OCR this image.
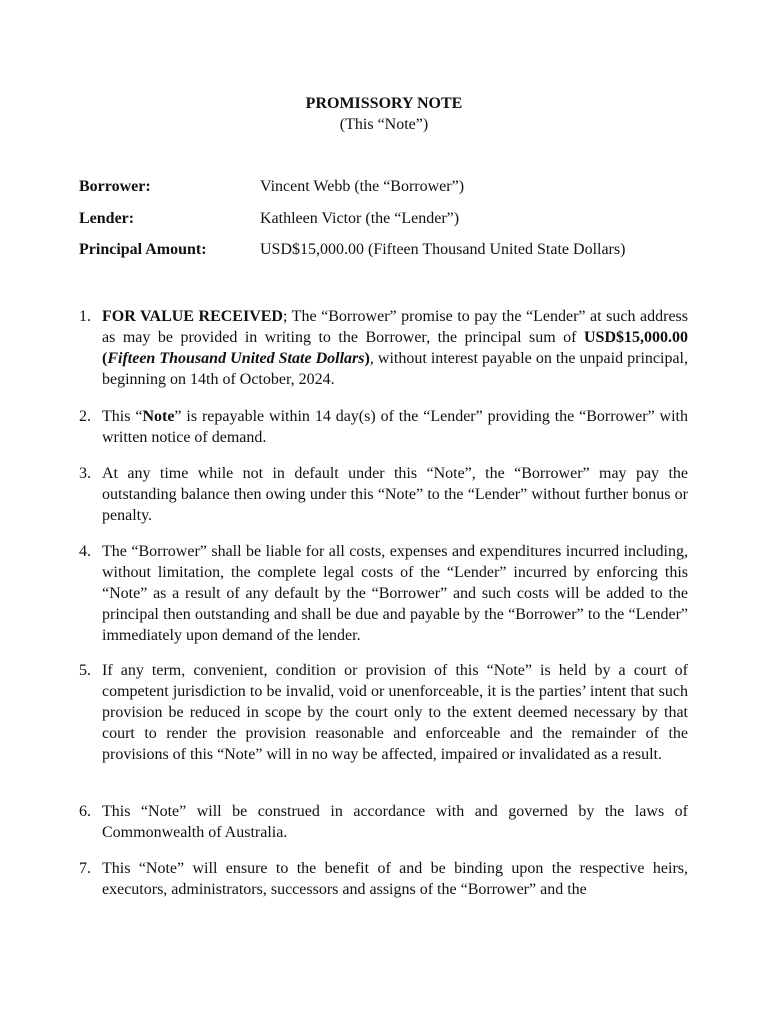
PROMISSORY NOTE
(This “Note”)
Borrower:	Vincent Webb (the “Borrower”)
Lender:	Kathleen Victor (the “Lender”)
Principal Amount:	USD$15,000.00 (Fifteen Thousand United State Dollars)
1. FOR VALUE RECEIVED; The “Borrower” promise to pay the “Lender” at such address as may be provided in writing to the Borrower, the principal sum of USD$15,000.00 (Fifteen Thousand United State Dollars), without interest payable on the unpaid principal, beginning on 14th of October, 2024.
2. This “Note” is repayable within 14 day(s) of the “Lender” providing the “Borrower” with written notice of demand.
3. At any time while not in default under this “Note”, the “Borrower” may pay the outstanding balance then owing under this “Note” to the “Lender” without further bonus or penalty.
4. The “Borrower” shall be liable for all costs, expenses and expenditures incurred including, without limitation, the complete legal costs of the “Lender” incurred by enforcing this “Note” as a result of any default by the “Borrower” and such costs will be added to the principal then outstanding and shall be due and payable by the “Borrower” to the “Lender” immediately upon demand of the lender.
5. If any term, convenient, condition or provision of this “Note” is held by a court of competent jurisdiction to be invalid, void or unenforceable, it is the parties’ intent that such provision be reduced in scope by the court only to the extent deemed necessary by that court to render the provision reasonable and enforceable and the remainder of the provisions of this “Note” will in no way be affected, impaired or invalidated as a result.
6. This “Note” will be construed in accordance with and governed by the laws of Commonwealth of Australia.
7. This “Note” will ensure to the benefit of and be binding upon the respective heirs, executors, administrators, successors and assigns of the “Borrower” and the
